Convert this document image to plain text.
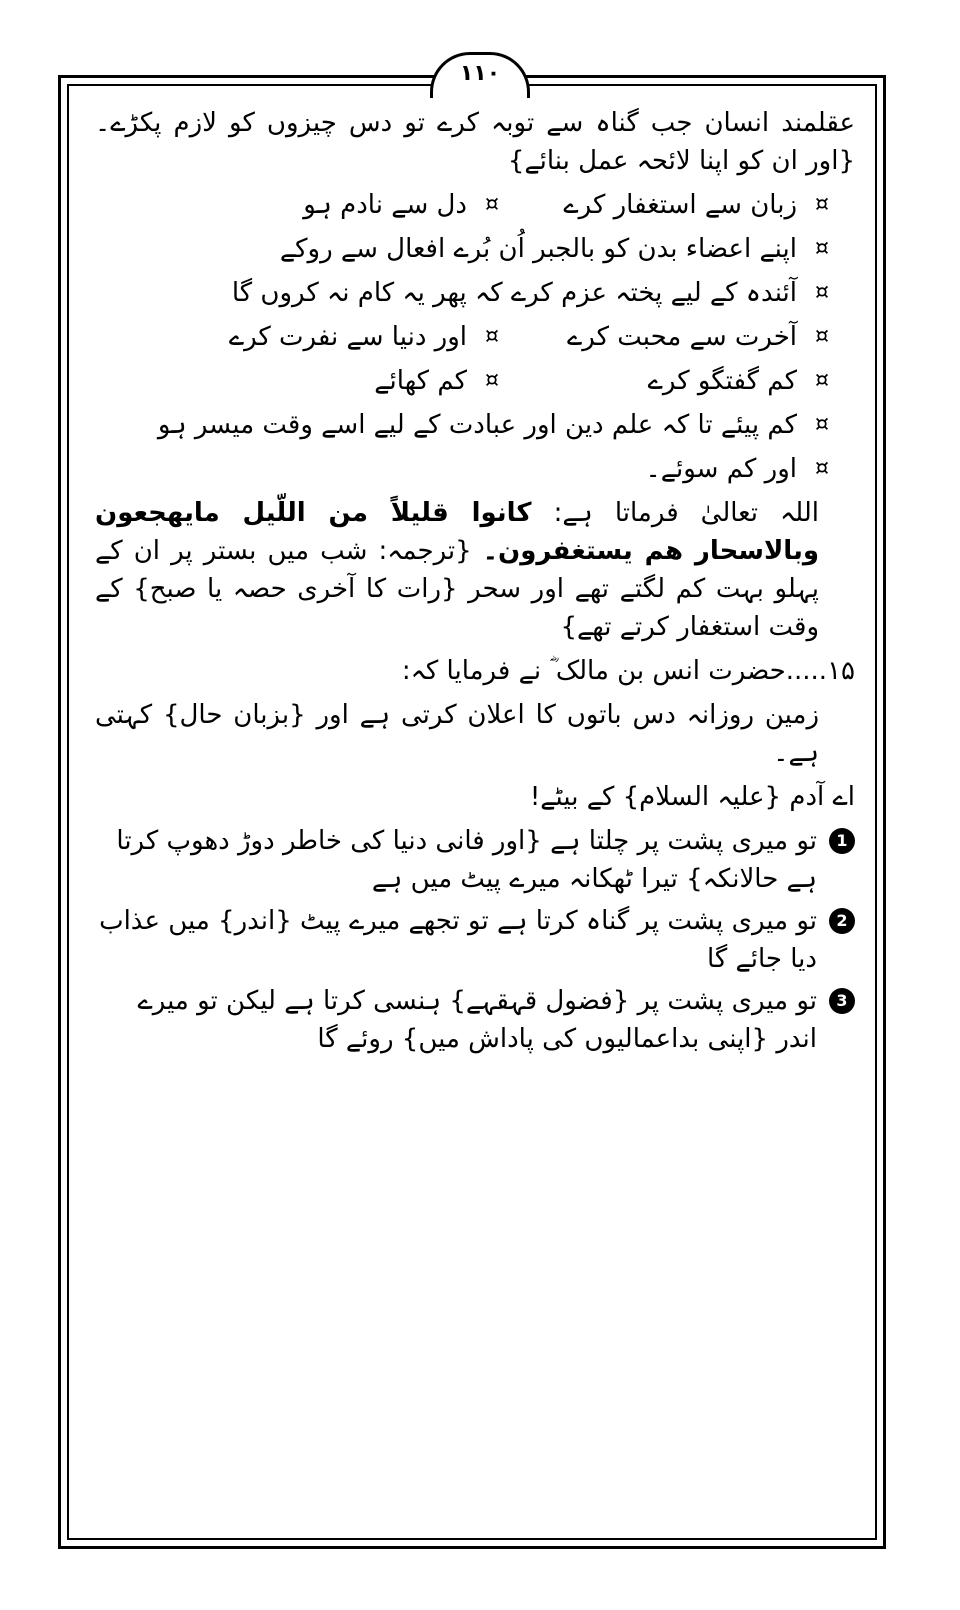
۱۱۰

عقلمند انسان جب گناہ سے توبہ کرے تو دس چیزوں کو لازم پکڑے۔{اور ان کو اپنا لائحہ عمل بنائے}

¤
زبان سے استغفار کرے
¤
دل سے نادم ہو
¤
اپنے اعضاء بدن کو بالجبر اُن بُرے افعال سے روکے
¤
آئندہ کے لیے پختہ عزم کرے کہ پھر یہ کام نہ کروں گا
¤
آخرت سے محبت کرے
¤
اور دنیا سے نفرت کرے
¤
کم گفتگو کرے
¤
کم کھائے
¤
کم پیئے تا کہ علم دین اور عبادت کے لیے اسے وقت میسر ہو
¤
اور کم سوئے۔

اللہ تعالیٰ فرماتا ہے: کانوا قلیلاً من اللّیل مایھجعون وبالاسحار ھم یستغفرون۔ {ترجمہ: شب میں بستر پر ان کے پہلو بہت کم لگتے تھے اور سحر {رات کا آخری حصہ یا صبح} کے وقت استغفار کرتے تھے}

۱۵.....حضرت انس بن مالک ؓ نے فرمایا کہ:

زمین روزانہ دس باتوں کا اعلان کرتی ہے اور {بزبان حال} کہتی ہے۔

اے آدم {علیہ السلام} کے بیٹے!

1
تو میری پشت پر چلتا ہے {اور فانی دنیا کی خاطر دوڑ دھوپ کرتا ہے حالانکہ} تیرا ٹھکانہ میرے پیٹ میں ہے
2
تو میری پشت پر گناہ کرتا ہے تو تجھے میرے پیٹ {اندر} میں عذاب دیا جائے گا
3
تو میری پشت پر {فضول قہقہے} ہنسی کرتا ہے لیکن تو میرے اندر {اپنی بداعمالیوں کی پاداش میں} روئے گا
